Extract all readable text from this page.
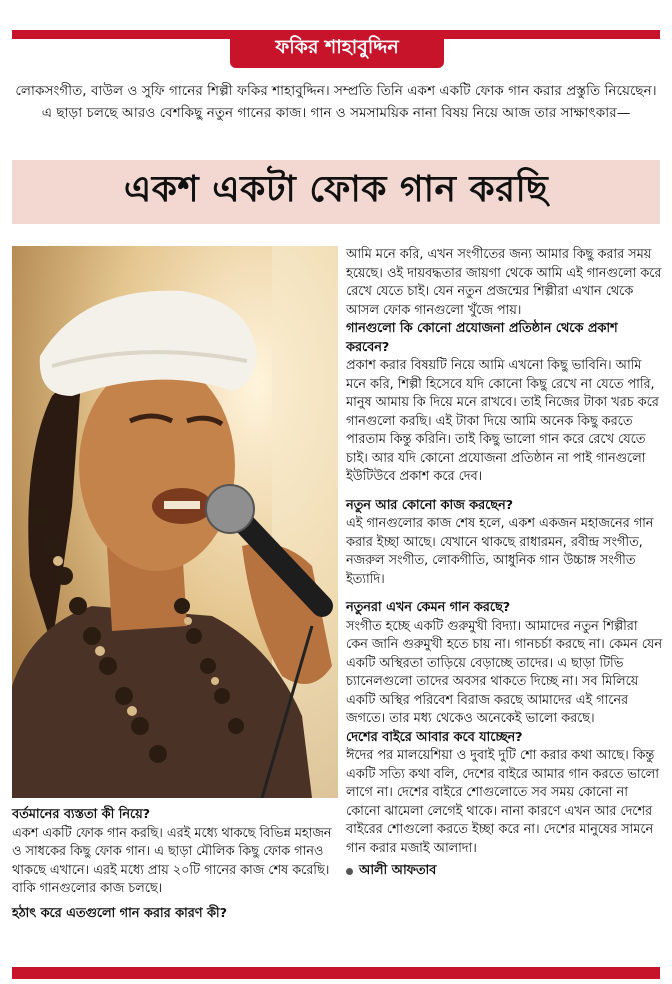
ফকির শাহাবুদ্দিন
লোকসংগীত, বাউল ও সুফি গানের শিল্পী ফকির শাহাবুদ্দিন। সম্প্রতি তিনি একশ একটি ফোক গান করার প্রস্তুতি নিয়েছেন। এ ছাড়া চলছে আরও বেশকিছু নতুন গানের কাজ। গান ও সমসাময়িক নানা বিষয় নিয়ে আজ তার সাক্ষাৎকার—
একশ একটা ফোক গান করছি

বর্তমানের ব্যস্ততা কী নিয়ে?

একশ একটি ফোক গান করছি। এরই মধ্যে থাকছে বিভিন্ন মহাজন ও সাধকের কিছু ফোক গান। এ ছাড়া মৌলিক কিছু ফোক গানও থাকছে এখানে। এরই মধ্যে প্রায় ২০টি গানের কাজ শেষ করেছি। বাকি গানগুলোর কাজ চলছে।

হঠাৎ করে এতগুলো গান করার কারণ কী?

আমি মনে করি, এখন সংগীতের জন্য আমার কিছু করার সময় হয়েছে। ওই দায়বদ্ধতার জায়গা থেকে আমি এই গানগুলো করে রেখে যেতে চাই। যেন নতুন প্রজন্মের শিল্পীরা এখান থেকে আসল ফোক গানগুলো খুঁজে পায়।

গানগুলো কি কোনো প্রযোজনা প্রতিষ্ঠান থেকে প্রকাশ করবেন?

প্রকাশ করার বিষয়টি নিয়ে আমি এখনো কিছু ভাবিনি। আমি মনে করি, শিল্পী হিসেবে যদি কোনো কিছু রেখে না যেতে পারি, মানুষ আমায় কি দিয়ে মনে রাখবে। তাই নিজের টাকা খরচ করে গানগুলো করছি। এই টাকা দিয়ে আমি অনেক কিছু করতে পারতাম কিন্তু করিনি। তাই কিছু ভালো গান করে রেখে যেতে চাই। আর যদি কোনো প্রযোজনা প্রতিষ্ঠান না পাই গানগুলো ইউটিউবে প্রকাশ করে দেব।

নতুন আর কোনো কাজ করছেন?

এই গানগুলোর কাজ শেষ হলে, একশ একজন মহাজনের গান করার ইচ্ছা আছে। যেখানে থাকছে রাধারমন, রবীন্দ্র সংগীত, নজরুল সংগীত, লোকগীতি, আধুনিক গান উচ্চাঙ্গ সংগীত ইত্যাদি।

নতুনরা এখন কেমন গান করছে?

সংগীত হচ্ছে একটি গুরুমুখী বিদ্যা। আমাদের নতুন শিল্পীরা কেন জানি গুরুমুখী হতে চায় না। গানচর্চা করছে না। কেমন যেন একটি অস্থিরতা তাড়িয়ে বেড়াচ্ছে তাদের। এ ছাড়া টিভি চ্যানেলগুলো তাদের অবসর থাকতে দিচ্ছে না। সব মিলিয়ে একটি অস্থির পরিবেশ বিরাজ করছে আমাদের এই গানের জগতে। তার মধ্য থেকেও অনেকেই ভালো করছে।

দেশের বাইরে আবার কবে যাচ্ছেন?

ঈদের পর মালয়েশিয়া ও দুবাই দুটি শো করার কথা আছে। কিন্তু একটি সত্যি কথা বলি, দেশের বাইরে আমার গান করতে ভালো লাগে না। দেশের বাইরে শোগুলোতে সব সময় কোনো না কোনো ঝামেলা লেগেই থাকে। নানা কারণে এখন আর দেশের বাইরের শোগুলো করতে ইচ্ছা করে না। দেশের মানুষের সামনে গান করার মজাই আলাদা।

আলী আফতাব
